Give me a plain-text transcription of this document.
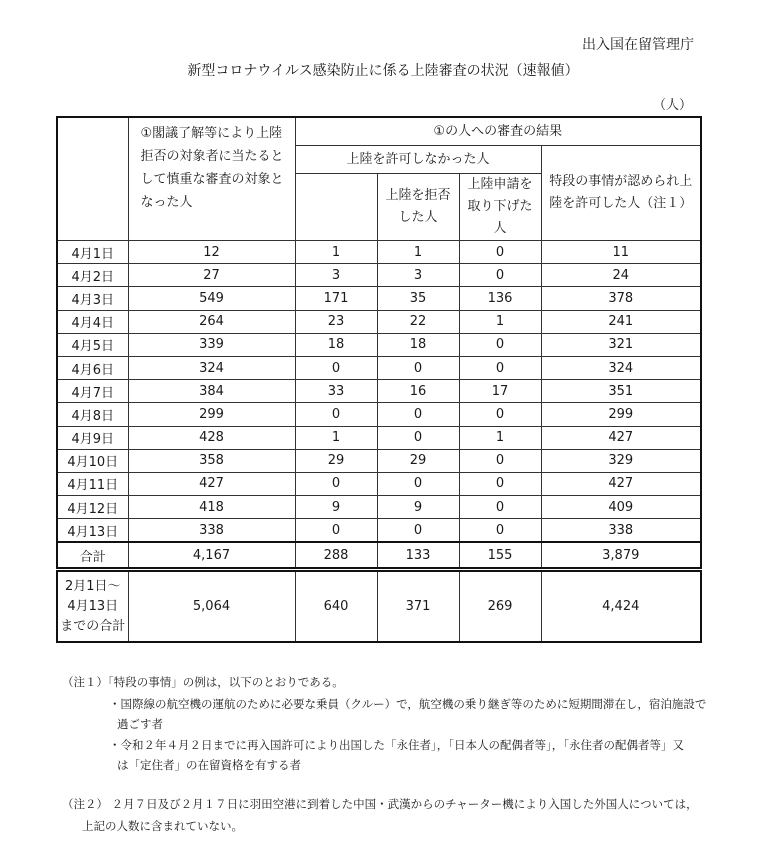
出入国在留管理庁
新型コロナウイルス感染防止に係る上陸審査の状況（速報値）
（人）
	①閣議了解等により上陸拒否の対象者に当たるとして慎重な審査の対象となった人	①の人への審査の結果			
		上陸を許可しなかった人			特段の事情が認められ上陸を許可した人（注１）
			上陸を拒否した人	上陸申請を取り下げた人	
4月1日	12	1	1	0	11
4月2日	27	3	3	0	24
4月3日	549	171	35	136	378
4月4日	264	23	22	1	241
4月5日	339	18	18	0	321
4月6日	324	0	0	0	324
4月7日	384	33	16	17	351
4月8日	299	0	0	0	299
4月9日	428	1	0	1	427
4月10日	358	29	29	0	329
4月11日	427	0	0	0	427
4月12日	418	9	9	0	409
4月13日	338	0	0	0	338
合計	4,167	288	133	155	3,879
2月1日～
4月13日
までの合計
	5,064	640	371	269	4,424
（注１）「特段の事情」の例は，以下のとおりである。
・国際線の航空機の運航のために必要な乗員（クルー）で，航空機の乗り継ぎ等のために短期間滞在し，宿泊施設で
過ごす者
・令和２年４月２日までに再入国許可により出国した「永住者」，「日本人の配偶者等」，「永住者の配偶者等」又
は「定住者」の在留資格を有する者
（注２） ２月７日及び２月１７日に羽田空港に到着した中国・武漢からのチャーター機により入国した外国人については，
上記の人数に含まれていない。
